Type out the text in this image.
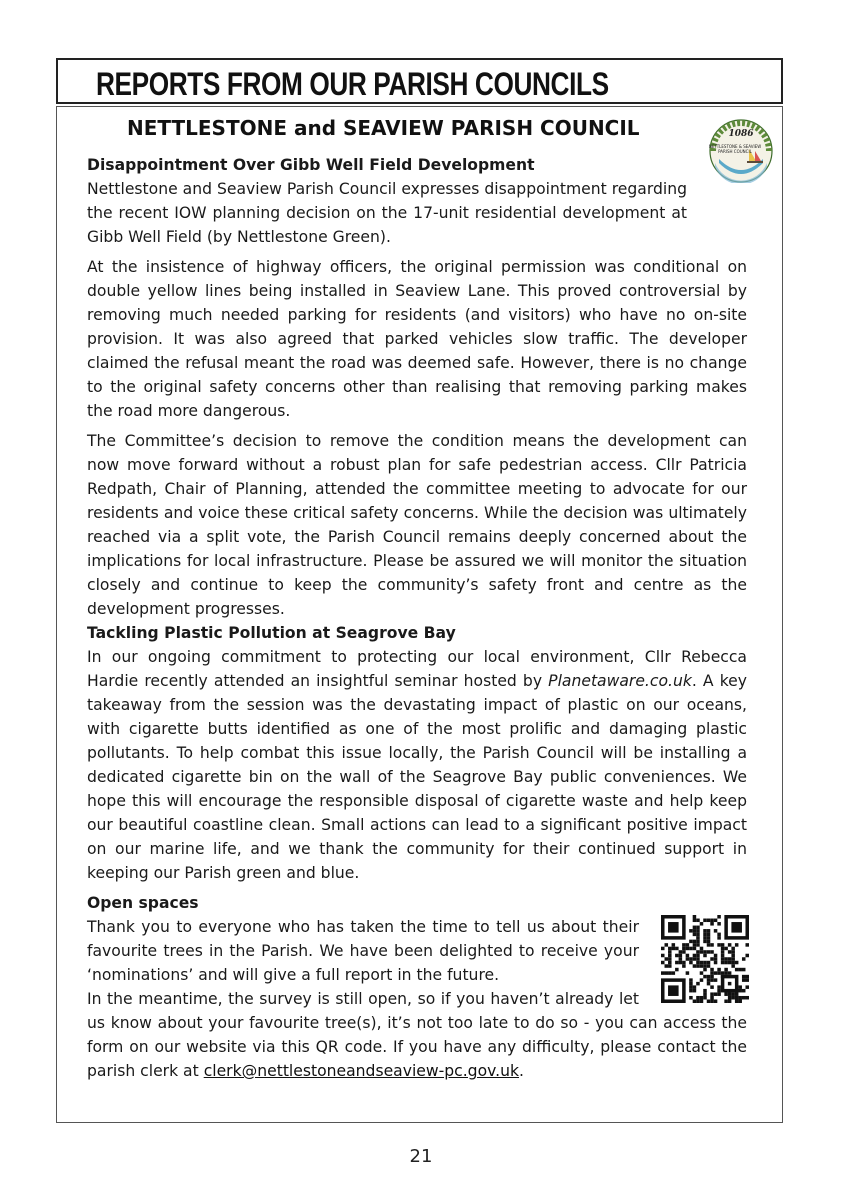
REPORTS FROM OUR PARISH COUNCILS
NETTLESTONE and SEAVIEW PARISH COUNCIL	1086
NETTLESTONE & SEAVIEW
PARISH COUNCIL
Disappointment Over Gibb Well Field Development

Nettlestone and Seaview Parish Council expresses disappointment regarding the recent IOW planning decision on the 17-unit residential development at Gibb Well Field (by Nettlestone Green).

At the insistence of highway officers, the original permission was conditional on double yellow lines being installed in Seaview Lane. This proved controversial by removing much needed parking for residents (and visitors) who have no on-site provision. It was also agreed that parked vehicles slow traffic. The developer claimed the refusal meant the road was deemed safe. However, there is no change to the original safety concerns other than realising that removing parking makes the road more dangerous.

The Committee’s decision to remove the condition means the development can now move forward without a robust plan for safe pedestrian access. Cllr Patricia Redpath, Chair of Planning, attended the committee meeting to advocate for our residents and voice these critical safety concerns. While the decision was ultimately reached via a split vote, the Parish Council remains deeply concerned about the implications for local infrastructure. Please be assured we will monitor the situation closely and continue to keep the community’s safety front and centre as the development progresses.

Tackling Plastic Pollution at Seagrove Bay

In our ongoing commitment to protecting our local environment, Cllr Rebecca Hardie recently attended an insightful seminar hosted by Planetaware.co.uk. A key takeaway from the session was the devastating impact of plastic on our oceans, with cigarette butts identified as one of the most prolific and damaging plastic pollutants. To help combat this issue locally, the Parish Council will be installing a dedicated cigarette bin on the wall of the Seagrove Bay public conveniences. We hope this will encourage the responsible disposal of cigarette waste and help keep our beautiful coastline clean. Small actions can lead to a significant positive impact on our marine life, and we thank the community for their continued support in keeping our Parish green and blue.

Open spaces

Thank you to everyone who has taken the time to tell us about their favourite trees in the Parish. We have been delighted to receive your ‘nominations’ and will give a full report in the future.

In the meantime, the survey is still open, so if you haven’t already let us know about your favourite tree(s), it’s not too late to do so - you can access the form on our website via this QR code. If you have any difficulty, please contact the parish clerk at clerk@nettlestoneandseaview-pc.gov.uk.

21
